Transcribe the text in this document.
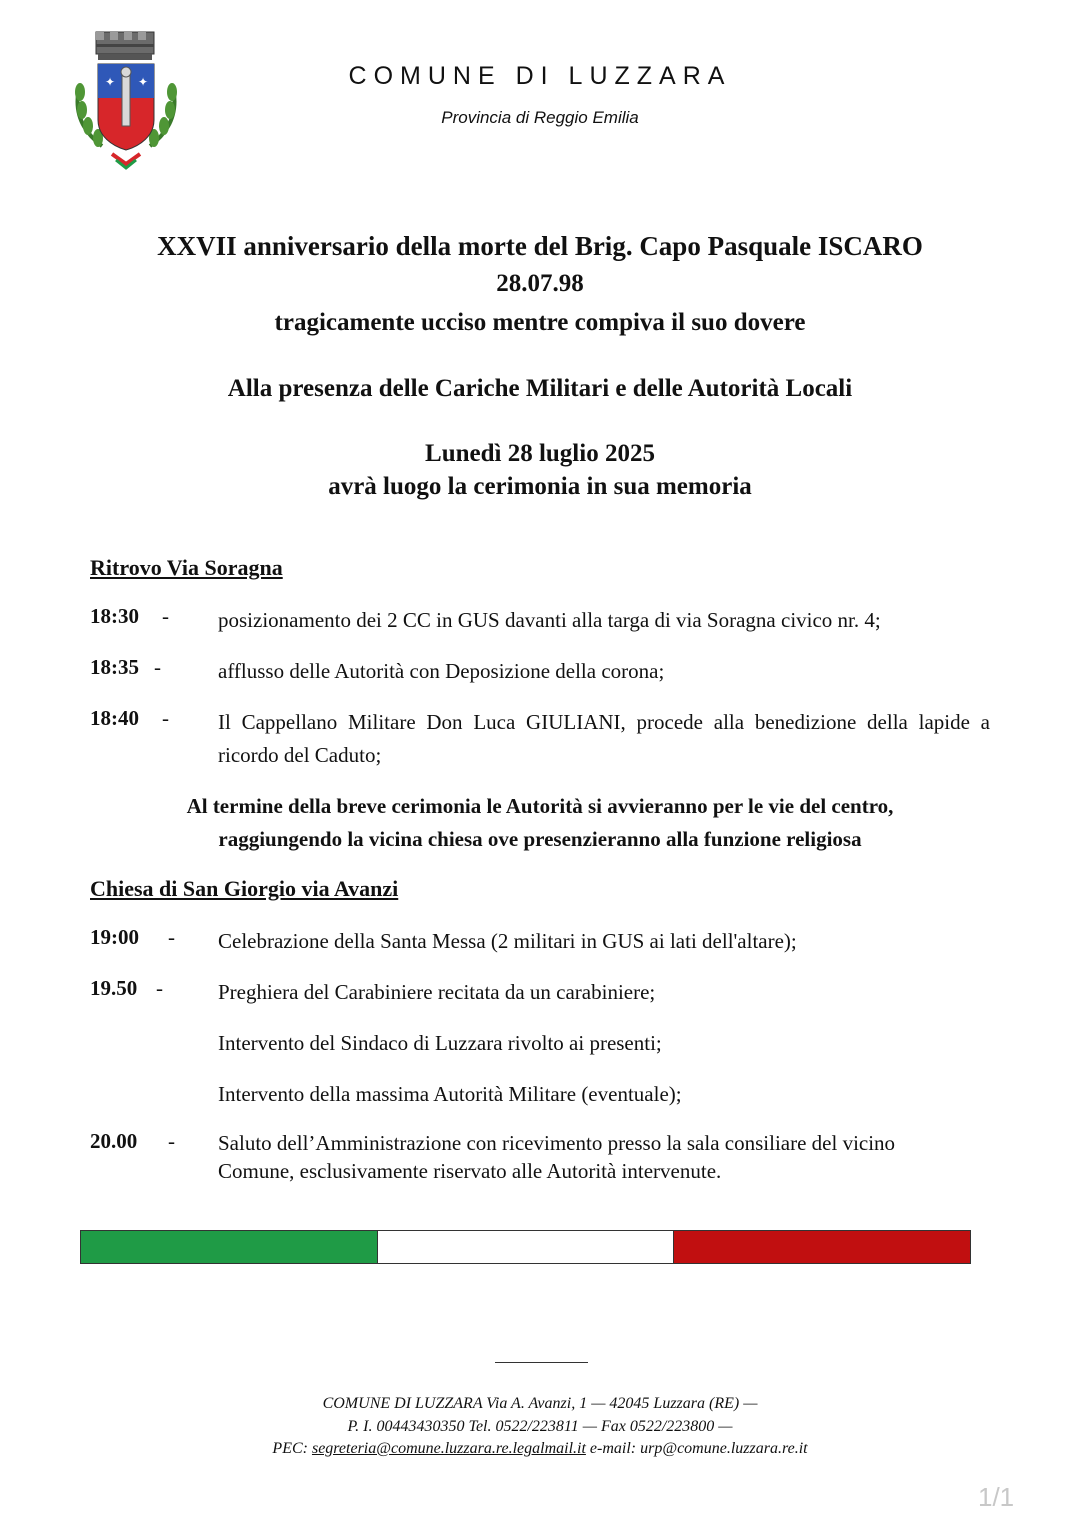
✦ ✦	COMUNE DI LUZZARA
Provincia di Reggio Emilia
XXVII anniversario della morte del Brig. Capo Pasquale ISCARO
28.07.98
tragicamente ucciso mentre compiva il suo dovere
Alla presenza delle Cariche Militari e delle Autorità Locali
Lunedì 28 luglio 2025
avrà luogo la cerimonia in sua memoria
Ritrovo Via Soragna
18:30 - posizionamento dei 2 CC in GUS davanti alla targa di via Soragna civico nr. 4;
18:35 -	afflusso delle Autorità con Deposizione della corona;
18:40 - Il Cappellano Militare Don Luca GIULIANI, procede alla benedizione della lapide a ricordo del Caduto;
Al termine della breve cerimonia le Autorità si avvieranno per le vie del centro,
raggiungendo la vicina chiesa ove presenzieranno alla funzione religiosa
Chiesa di San Giorgio via Avanzi
19:00 - Celebrazione della Santa Messa (2 militari in GUS ai lati dell'altare);
19.50 -	Preghiera del Carabiniere recitata da un carabiniere;
Intervento del Sindaco di Luzzara rivolto ai presenti;
Intervento della massima Autorità Militare (eventuale);
20.00 - Saluto dell’Amministrazione con ricevimento presso la sala consiliare del vicino Comune, esclusivamente riservato alle Autorità intervenute.
COMUNE DI LUZZARA Via A. Avanzi, 1 — 42045 Luzzara (RE) —
P. I. 00443430350 Tel. 0522/223811 — Fax 0522/223800 —
PEC: segreteria@comune.luzzara.re.legalmail.it e-mail: urp@comune.luzzara.re.it
1/1
